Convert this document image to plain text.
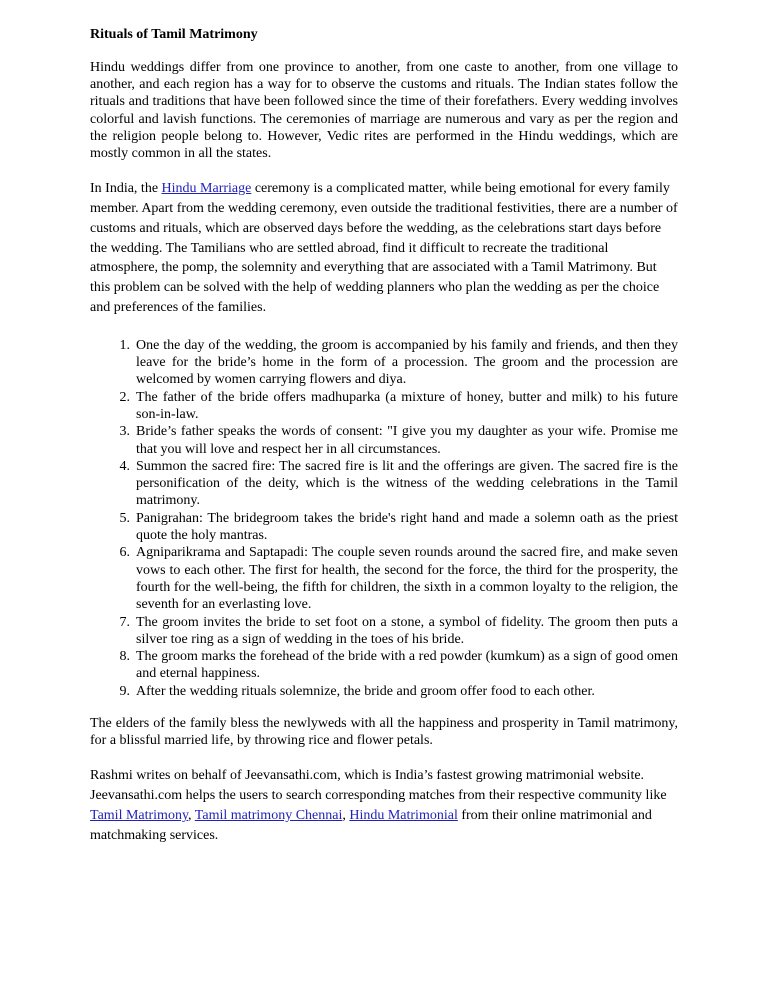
Rituals of Tamil Matrimony

Hindu weddings differ from one province to another, from one caste to another, from one village to another, and each region has a way for to observe the customs and rituals. The Indian states follow the rituals and traditions that have been followed since the time of their forefathers. Every wedding involves colorful and lavish functions. The ceremonies of marriage are numerous and vary as per the region and the religion people belong to. However, Vedic rites are performed in the Hindu weddings, which are mostly common in all the states.

In India, the Hindu Marriage ceremony is a complicated matter, while being emotional for every family member. Apart from the wedding ceremony, even outside the traditional festivities, there are a number of customs and rituals, which are observed days before the wedding, as the celebrations start days before the wedding. The Tamilians who are settled abroad, find it difficult to recreate the traditional atmosphere, the pomp, the solemnity and everything that are associated with a Tamil Matrimony. But this problem can be solved with the help of wedding planners who plan the wedding as per the choice and preferences of the families.

1. One the day of the wedding, the groom is accompanied by his family and friends, and then they leave for the bride’s home in the form of a procession. The groom and the procession are welcomed by women carrying flowers and diya.
2. The father of the bride offers madhuparka (a mixture of honey, butter and milk) to his future son-in-law.
3. Bride’s father speaks the words of consent: "I give you my daughter as your wife. Promise me that you will love and respect her in all circumstances.
4. Summon the sacred fire: The sacred fire is lit and the offerings are given. The sacred fire is the personification of the deity, which is the witness of the wedding celebrations in the Tamil matrimony.
5. Panigrahan: The bridegroom takes the bride's right hand and made a solemn oath as the priest quote the holy mantras.
6. Agniparikrama and Saptapadi: The couple seven rounds around the sacred fire, and make seven vows to each other. The first for health, the second for the force, the third for the prosperity, the fourth for the well-being, the fifth for children, the sixth in a common loyalty to the religion, the seventh for an everlasting love.
7. The groom invites the bride to set foot on a stone, a symbol of fidelity. The groom then puts a silver toe ring as a sign of wedding in the toes of his bride.
8. The groom marks the forehead of the bride with a red powder (kumkum) as a sign of good omen and eternal happiness.
9. After the wedding rituals solemnize, the bride and groom offer food to each other.

The elders of the family bless the newlyweds with all the happiness and prosperity in Tamil matrimony, for a blissful married life, by throwing rice and flower petals.

Rashmi writes on behalf of Jeevansathi.com, which is India’s fastest growing matrimonial website. Jeevansathi.com helps the users to search corresponding matches from their respective community like Tamil Matrimony, Tamil matrimony Chennai, Hindu Matrimonial from their online matrimonial and matchmaking services.
